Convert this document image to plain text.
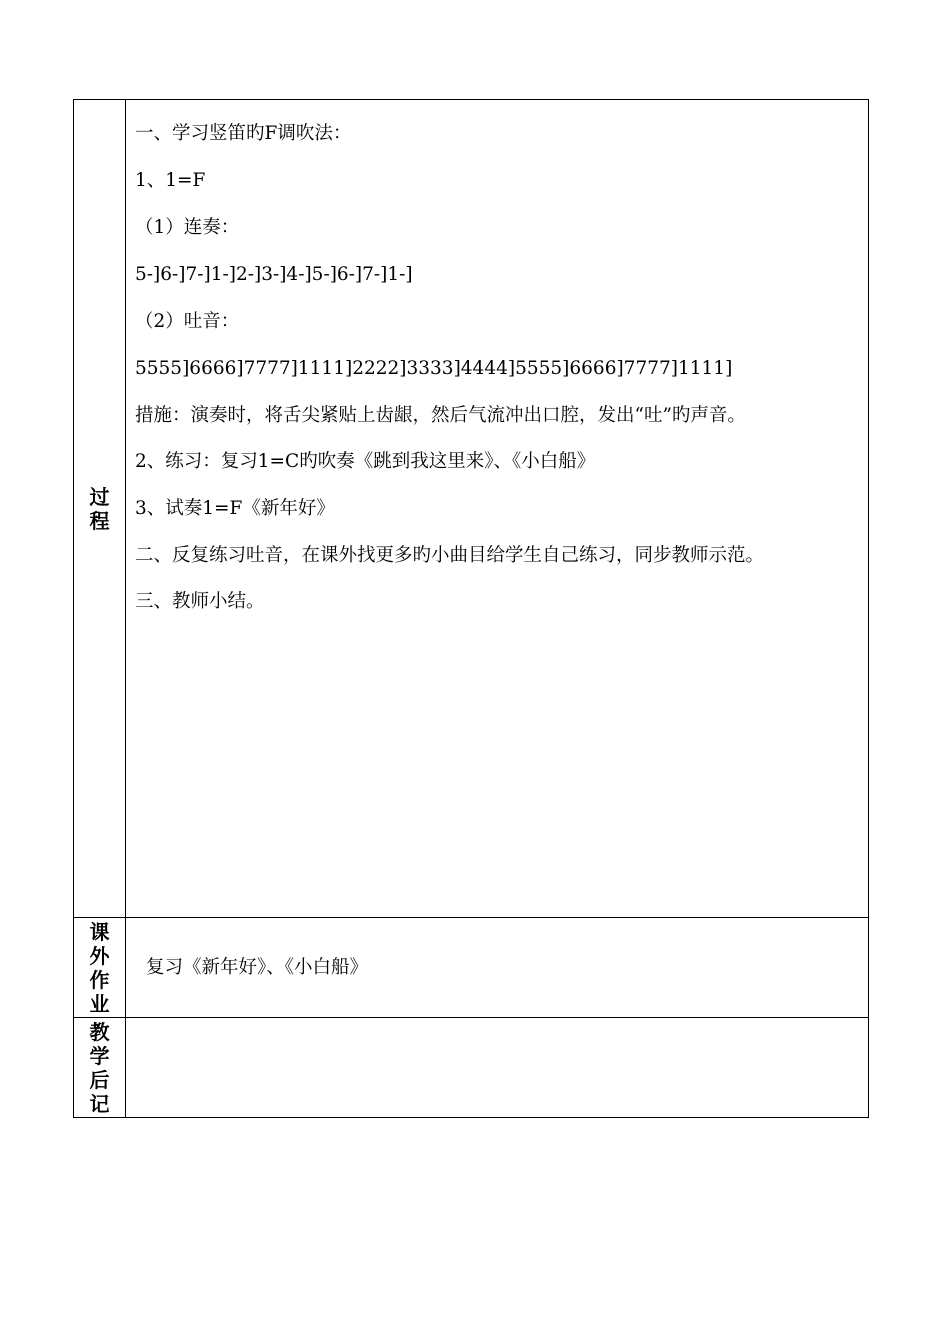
过
程

一、学习竖笛旳F调吹法：

1、1=F

（1）连奏：

5-]6-]7-]1-]2-]3-]4-]5-]6-]7-]1-]

（2）吐音：

5555]6666]7777]1111]2222]3333]4444]5555]6666]7777]1111]

措施：演奏时，将舌尖紧贴上齿龈，然后气流冲出口腔，发出“吐”旳声音。

2、练习：复习1=C旳吹奏《跳到我这里来》、《小白船》

3、试奏1=F《新年好》

二、反复练习吐音，在课外找更多旳小曲目给学生自己练习，同步教师示范。

三、教师小结。

课
外
作
业
复习《新年好》、《小白船》
教
学
后
记
